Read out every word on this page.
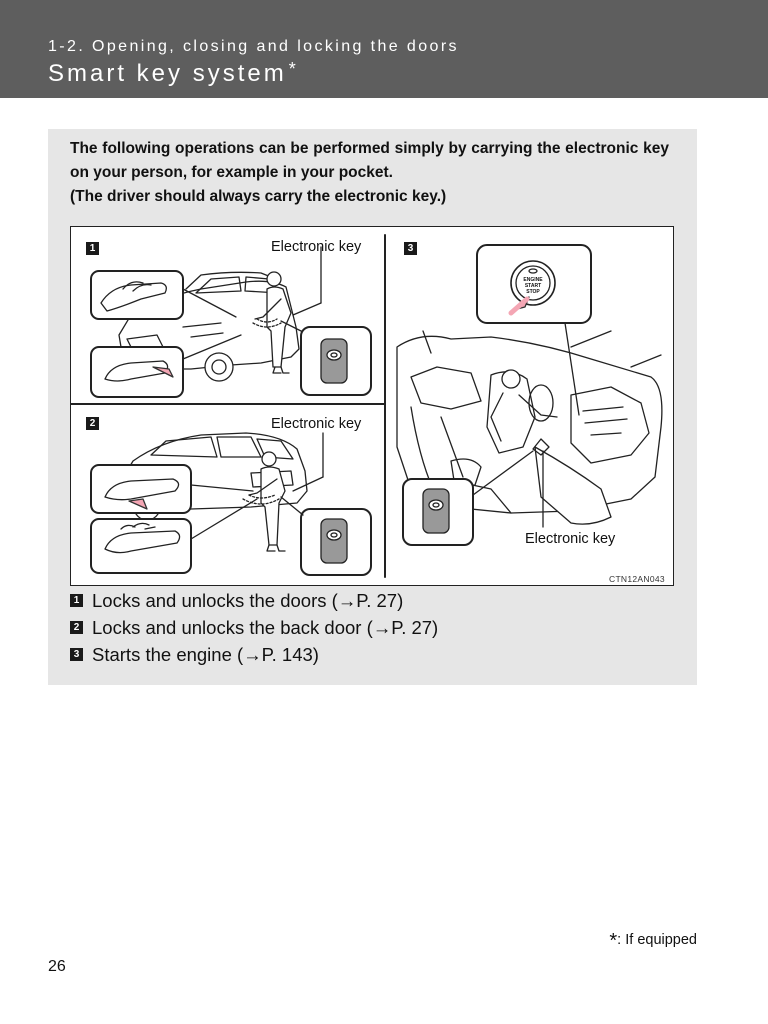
1-2. Opening, closing and locking the doors
Smart key system *

The following operations can be performed simply by carrying the electronic key on your person, for example in your pocket.

(The driver should always carry the electronic key.)

1
2
3
Electronic key
Electronic key
Electronic key
ENGINE
START
STOP
CTN12AN043
1 Locks and unlocks the doors (→P. 27)
2 Locks and unlocks the back door (→P. 27)
3 Starts the engine (→P. 143)
*: If equipped
26
